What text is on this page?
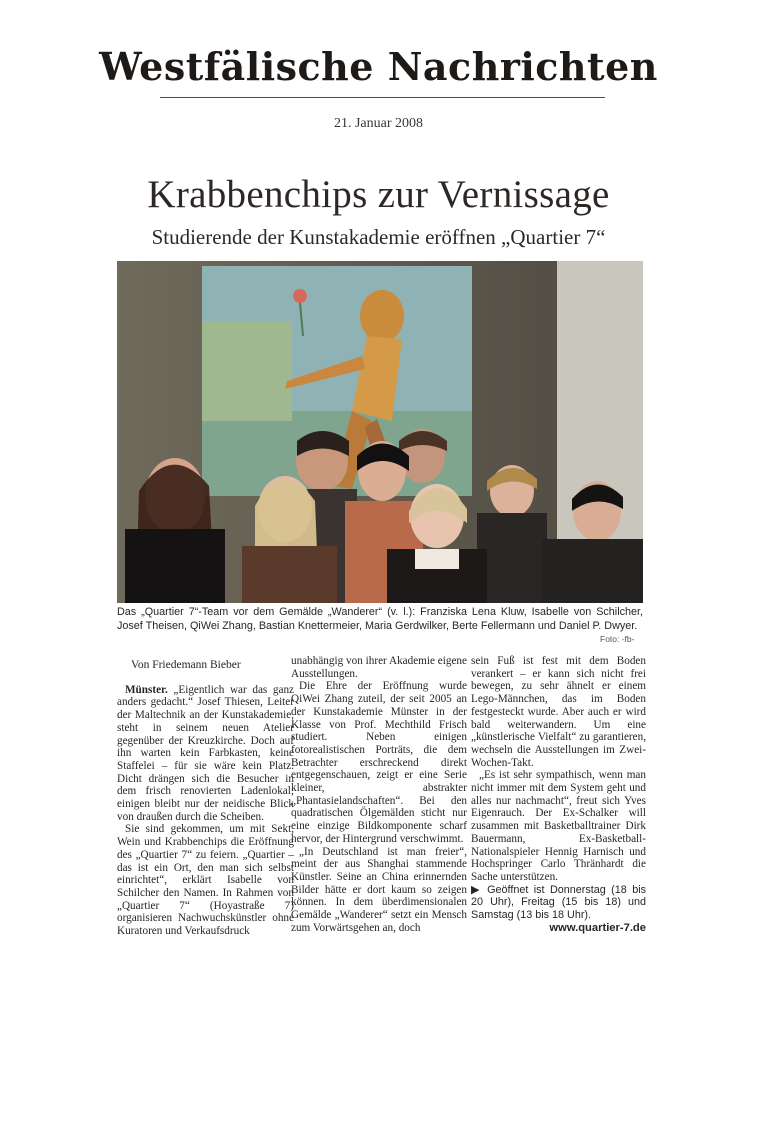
Westfälische Nachrichten
21. Januar 2008
Krabbenchips zur Vernissage
Studierende der Kunstakademie eröffnen „Quartier 7“
Das „Quartier 7“-Team vor dem Gemälde „Wanderer“ (v. l.): Franziska Lena Kluw, Isabelle von Schilcher, Josef Theisen, QiWei Zhang, Bastian Knettermeier, Maria Gerdwilker, Berte Fellermann und Daniel P. Dwyer.
Foto: -fb-
Von Friedemann Bieber

Münster. „Eigentlich war das ganz anders gedacht.“ Josef Thiesen, Leiter der Maltechnik an der Kunstakademie, steht in seinem neuen Atelier gegenüber der Kreuzkirche. Doch auf ihn warten kein Farbkasten, keine Staffelei – für sie wäre kein Platz. Dicht drängen sich die Besucher in dem frisch renovierten Ladenlokal; einigen bleibt nur der neidische Blick von draußen durch die Scheiben.

Sie sind gekommen, um mit Sekt, Wein und Krabbenchips die Eröffnung des „Quartier 7“ zu feiern. „Quartier – das ist ein Ort, den man sich selbst einrichtet“, erklärt Isabelle von Schilcher den Namen. In Rahmen von „Quartier 7“ (Hoyastraße 7) organisieren Nachwuchskünstler ohne Kuratoren und Verkaufsdruck

unabhängig von ihrer Akademie eigene Ausstellungen.

Die Ehre der Eröffnung wurde QiWei Zhang zuteil, der seit 2005 an der Kunstakademie Münster in der Klasse von Prof. Mechthild Frisch studiert. Neben einigen fotorealistischen Porträts, die dem Betrachter erschreckend direkt entgegenschauen, zeigt er eine Serie kleiner, abstrakter „Phantasielandschaften“. Bei den quadratischen Ölgemälden sticht nur eine einzige Bildkomponente scharf hervor, der Hintergrund verschwimmt.

„In Deutschland ist man freier“, meint der aus Shanghai stammende Künstler. Seine an China erinnernden Bilder hätte er dort kaum so zeigen können. In dem überdimensionalen Gemälde „Wanderer“ setzt ein Mensch zum Vorwärtsgehen an, doch

sein Fuß ist fest mit dem Boden verankert – er kann sich nicht frei bewegen, zu sehr ähnelt er einem Lego-Männchen, das im Boden festgesteckt wurde. Aber auch er wird bald weiterwandern. Um eine „künstlerische Vielfalt“ zu garantieren, wechseln die Ausstellungen im Zwei-Wochen-Takt.

„Es ist sehr sympathisch, wenn man nicht immer mit dem System geht und alles nur nachmacht“, freut sich Yves Eigenrauch. Der Ex-Schalker will zusammen mit Basketballtrainer Dirk Bauermann, Ex-Basketball-Nationalspieler Hennig Harnisch und Hochspringer Carlo Thränhardt die Sache unterstützen.

▶ Geöffnet ist Donnerstag (18 bis 20 Uhr), Freitag (15 bis 18) und Samstag (13 bis 18 Uhr).

www.quartier-7.de
